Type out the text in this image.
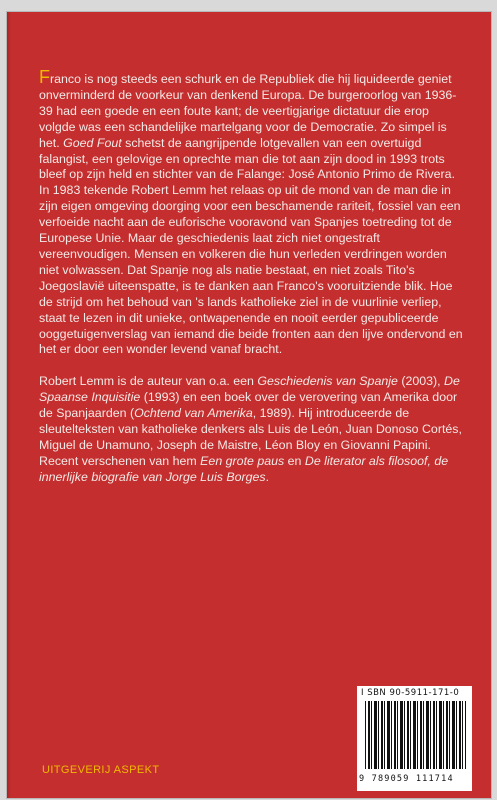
Franco is nog steeds een schurk en de Republiek die hij liquideerde geniet onverminderd de voorkeur van denkend Europa. De burgeroorlog van 1936-39 had een goede en een foute kant; de veertigjarige dictatuur die erop volgde was een schandelijke martelgang voor de Democratie. Zo simpel is het. Goed Fout schetst de aangrijpende lotgevallen van een overtuigd falangist, een gelovige en oprechte man die tot aan zijn dood in 1993 trots bleef op zijn held en stichter van de Falange: José Antonio Primo de Rivera.

In 1983 tekende Robert Lemm het relaas op uit de mond van de man die in zijn eigen omgeving doorging voor een beschamende rariteit, fossiel van een verfoeide nacht aan de euforische vooravond van Spanjes toetreding tot de Europese Unie. Maar de geschiedenis laat zich niet ongestraft vereenvoudigen. Mensen en volkeren die hun verleden verdringen worden niet volwassen. Dat Spanje nog als natie bestaat, en niet zoals Tito's Joegoslavië uiteenspatte, is te danken aan Franco's vooruitziende blik. Hoe de strijd om het behoud van 's lands katholieke ziel in de vuurlinie verliep, staat te lezen in dit unieke, ontwapenende en nooit eerder gepubliceerde ooggetuigenverslag van iemand die beide fronten aan den lijve ondervond en het er door een wonder levend vanaf bracht.

Robert Lemm is de auteur van o.a. een Geschiedenis van Spanje (2003), De Spaanse Inquisitie (1993) en een boek over de verovering van Amerika door de Spanjaarden (Ochtend van Amerika, 1989). Hij introduceerde de sleutelteksten van katholieke denkers als Luis de León, Juan Donoso Cortés, Miguel de Unamuno, Joseph de Maistre, Léon Bloy en Giovanni Papini. Recent verschenen van hem Een grote paus en De literator als filosoof, de innerlijke biografie van Jorge Luis Borges.

I SBN 90-5911-171-0
9 789059 111714
UITGEVERIJ ASPEKT
